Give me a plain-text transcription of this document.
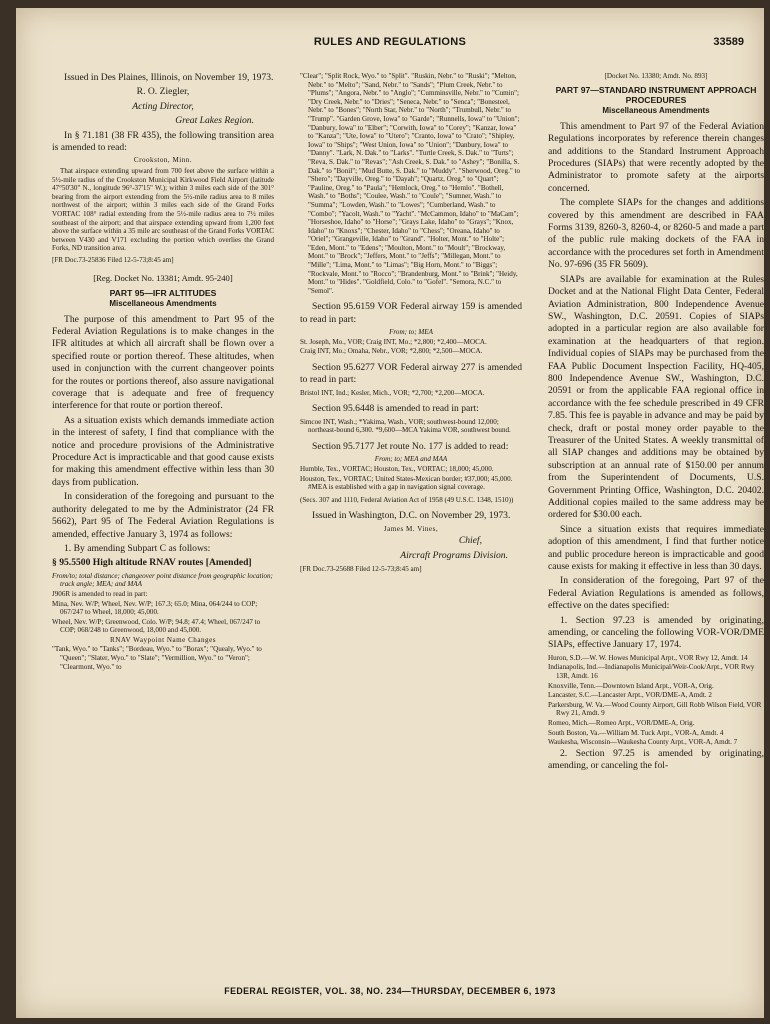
RULES AND REGULATIONS	33589

Issued in Des Plaines, Illinois, on November 19, 1973.

R. O. Ziegler,

Acting Director,

Great Lakes Region.

In § 71.181 (38 FR 435), the following transition area is amended to read:

Crookston, Minn.

That airspace extending upward from 700 feet above the surface within a 5½-mile radius of the Crookston Municipal Kirkwood Field Airport (latitude 47°50'30" N., longitude 96°-37'15" W.); within 3 miles each side of the 301° bearing from the airport extending from the 5½-mile radius area to 8 miles northwest of the airport; within 3 miles each side of the Grand Forks VORTAC 108° radial extending from the 5½-mile radius area to 7½ miles southeast of the airport; and that airspace extending upward from 1,200 feet above the surface within a 35 mile arc southeast of the Grand Forks VORTAC between V430 and V171 excluding the portion which overlies the Grand Forks, ND transition area.

[FR Doc.73-25836 Filed 12-5-73;8:45 am]

[Reg. Docket No. 13381; Amdt. 95-240]

PART 95—IFR ALTITUDES

Miscellaneous Amendments

The purpose of this amendment to Part 95 of the Federal Aviation Regulations is to make changes in the IFR altitudes at which all aircraft shall be flown over a specified route or portion thereof. These altitudes, when used in conjunction with the current changeover points for the routes or portions thereof, also assure navigational coverage that is adequate and free of frequency interference for that route or portion thereof.

As a situation exists which demands immediate action in the interest of safety, I find that compliance with the notice and procedure provisions of the Administrative Procedure Act is impracticable and that good cause exists for making this amendment effective within less than 30 days from publication.

In consideration of the foregoing and pursuant to the authority delegated to me by the Administrator (24 FR 5662), Part 95 of The Federal Aviation Regulations is amended, effective January 3, 1974 as follows:

1. By amending Subpart C as follows:

§ 95.5500 High altitude RNAV routes [Amended]

From/to; total distance; changeover point distance from geographic location; track angle; MEA; and MAA

J906R is amended to read in part:

Mina, Nev. W/P; Wheel, Nev. W/P; 167.3; 65.0; Mina, 064/244 to COP; 067/247 to Wheel, 18,000; 45,000.

Wheel, Nev. W/P; Greenwood, Colo. W/P; 94.8; 47.4; Wheel, 067/247 to COP; 068/248 to Greenwood, 18,000 and 45,000.

RNAV Waypoint Name Changes

"Tank, Wyo." to "Tanks"; "Bordeau, Wyo." to "Borax"; "Quealy, Wyo." to "Queen"; "Slater, Wyo." to "Slate"; "Vermillion, Wyo." to "Veron"; "Clearmont, Wyo." to

"Clear"; "Split Rock, Wyo." to "Split". "Ruskin, Nebr." to "Ruski"; "Melton, Nebr." to "Melto"; "Sand, Nebr." to "Sands"; "Plum Creek, Nebr." to "Plums"; "Angora, Nebr." to "Anglo"; "Cumminsville, Nebr." to "Cumin"; "Dry Creek, Nebr." to "Dries"; "Seneca, Nebr." to "Senca"; "Bonesteel, Nebr." to "Bones"; "North Star, Nebr." to "North"; "Trumbull, Nebr." to "Trump". "Garden Grove, Iowa" to "Garde"; "Runnells, Iowa" to "Union"; "Danbury, Iowa" to "Elber"; "Corwith, Iowa" to "Corey"; "Kanzar, Iowa" to "Kanza"; "Ute, Iowa" to "Utero"; "Cranto, Iowa" to "Crato"; "Shipley, Iowa" to "Ships"; "West Union, Iowa" to "Union"; "Danbury, Iowa" to "Danny". "Lark, N. Dak." to "Larks". "Turtle Creek, S. Dak." to "Turts"; "Reva, S. Dak." to "Revas"; "Ash Creek, S. Dak." to "Ashey"; "Bonilla, S. Dak." to "Bonil"; "Mud Butte, S. Dak." to "Muddy". "Sherwood, Oreg." to "Shero"; "Dayville, Oreg." to "Dayah"; "Quartz, Oreg." to "Quart"; "Pauline, Oreg." to "Paula"; "Hemlock, Oreg." to "Hemlo". "Bothell, Wash." to "Boths"; "Coulee, Wash." to "Coule"; "Sumner, Wash." to "Summa"; "Lowden, Wash." to "Lowes"; "Cumberland, Wash." to "Combo"; "Yacolt, Wash." to "Yacht". "McCammon, Idaho" to "MaCam"; "Horseshoe, Idaho" to "Horse"; "Grays Lake, Idaho" to "Grays"; "Knox, Idaho" to "Knoxs"; "Chester, Idaho" to "Chess"; "Oreana, Idaho" to "Oriel"; "Grangeville, Idaho" to "Grand". "Holter, Mont." to "Holte"; "Eden, Mont." to "Edens"; "Moulton, Mont." to "Moult"; "Brockway, Mont." to "Brock"; "Jeffers, Mont." to "Jeffs"; "Millegan, Mont." to "Mille"; "Lima, Mont." to "Limas"; "Big Horn, Mont." to "Biggs"; "Rockvale, Mont." to "Rocco"; "Brandenburg, Mont." to "Brink"; "Heidy, Mont." to "Hides". "Goldfield, Colo." to "Gofel". "Semora, N.C." to "Semol".

Section 95.6159 VOR Federal airway 159 is amended to read in part:

From; to; MEA

St. Joseph, Mo., VOR; Craig INT, Mo.; *2,800; *2,400—MOCA.

Craig INT, Mo.; Omaha, Nebr., VOR; *2,800; *2,500—MOCA.

Section 95.6277 VOR Federal airway 277 is amended to read in part:

Bristol INT, Ind.; Kesler, Mich., VOR; *2,700; *2,200—MOCA.

Section 95.6448 is amended to read in part:

Simcoe INT, Wash.; *Yakima, Wash., VOR; southwest-bound 12,000; northeast-bound 6,300. *9,600—MCA Yakima VOR, southwest bound.

Section 95.7177 Jet route No. 177 is added to read:

From; to; MEA and MAA

Humble, Tex., VORTAC; Houston, Tex., VORTAC; 18,000; 45,000.

Houston, Tex., VORTAC; United States-Mexican border; #37,000; 45,000. #MEA is established with a gap in navigation signal coverage.

(Secs. 307 and 1110, Federal Aviation Act of 1958 (49 U.S.C. 1348, 1510))

Issued in Washington, D.C. on November 29, 1973.

James M. Vines,

Chief,

Aircraft Programs Division.

[FR Doc.73-25688 Filed 12-5-73;8:45 am]

[Docket No. 13380; Amdt. No. 893]

PART 97—STANDARD INSTRUMENT APPROACH PROCEDURES

Miscellaneous Amendments

This amendment to Part 97 of the Federal Aviation Regulations incorporates by reference therein changes and additions to the Standard Instrument Approach Procedures (SIAPs) that were recently adopted by the Administrator to promote safety at the airports concerned.

The complete SIAPs for the changes and additions covered by this amendment are described in FAA Forms 3139, 8260-3, 8260-4, or 8260-5 and made a part of the public rule making dockets of the FAA in accordance with the procedures set forth in Amendment No. 97-696 (35 FR 5609).

SIAPs are available for examination at the Rules Docket and at the National Flight Data Center, Federal Aviation Administration, 800 Independence Avenue SW., Washington, D.C. 20591. Copies of SIAPs adopted in a particular region are also available for examination at the headquarters of that region. Individual copies of SIAPs may be purchased from the FAA Public Document Inspection Facility, HQ-405, 800 Independence Avenue SW., Washington, D.C. 20591 or from the applicable FAA regional office in accordance with the fee schedule prescribed in 49 CFR 7.85. This fee is payable in advance and may be paid by check, draft or postal money order payable to the Treasurer of the United States. A weekly transmittal of all SIAP changes and additions may be obtained by subscription at an annual rate of $150.00 per annum from the Superintendent of Documents, U.S. Government Printing Office, Washington, D.C. 20402. Additional copies mailed to the same address may be ordered for $30.00 each.

Since a situation exists that requires immediate adoption of this amendment, I find that further notice and public procedure hereon is impracticable and good cause exists for making it effective in less than 30 days.

In consideration of the foregoing, Part 97 of the Federal Aviation Regulations is amended as follows, effective on the dates specified:

1. Section 97.23 is amended by originating, amending, or canceling the following VOR-VOR/DME SIAPs, effective January 17, 1974.

Huron, S.D.—W. W. Howes Municipal Arpt., VOR Rwy 12, Amdt. 14

Indianapolis, Ind.—Indianapolis Municipal/Weir-Cook/Arpt., VOR Rwy 13R, Amdt. 16

Knoxville, Tenn.—Downtown Island Arpt., VOR-A, Orig.

Lancaster, S.C.—Lancaster Arpt., VOR/DME-A, Amdt. 2

Parkersburg, W. Va.—Wood County Airport, Gill Robb Wilson Field, VOR Rwy 21, Amdt. 9

Romeo, Mich.—Romeo Arpt., VOR/DME-A, Orig.

South Boston, Va.—William M. Tuck Arpt., VOR-A, Amdt. 4

Waukesha, Wisconsin—Waukesha County Arpt., VOR-A, Amdt. 7

2. Section 97.25 is amended by originating, amending, or canceling the fol-

FEDERAL REGISTER, VOL. 38, NO. 234—THURSDAY, DECEMBER 6, 1973
